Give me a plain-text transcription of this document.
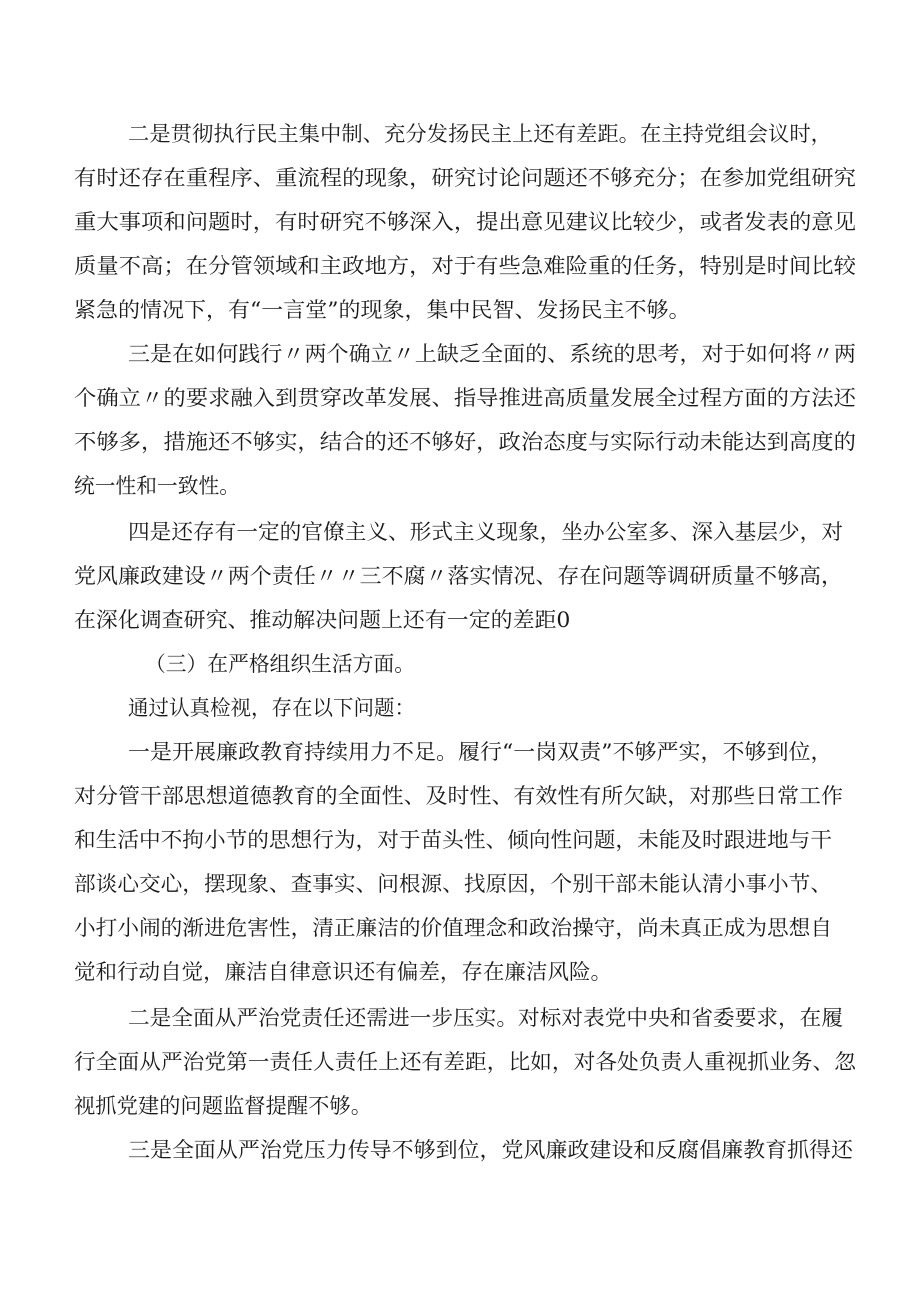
二是贯彻执行民主集中制、充分发扬民主上还有差距。在主持党组会议时，

有时还存在重程序、重流程的现象，研究讨论问题还不够充分；在参加党组研究

重大事项和问题时，有时研究不够深入，提出意见建议比较少，或者发表的意见

质量不高；在分管领域和主政地方，对于有些急难险重的任务，特别是时间比较

紧急的情况下，有“一言堂”的现象，集中民智、发扬民主不够。

三是在如何践行〃两个确立〃上缺乏全面的、系统的思考，对于如何将〃两

个确立〃的要求融入到贯穿改革发展、指导推进高质量发展全过程方面的方法还

不够多，措施还不够实，结合的还不够好，政治态度与实际行动未能达到高度的

统一性和一致性。

四是还存有一定的官僚主义、形式主义现象，坐办公室多、深入基层少，对

党风廉政建设〃两个责任〃〃三不腐〃落实情况、存在问题等调研质量不够高，

在深化调查研究、推动解决问题上还有一定的差距0

（三）在严格组织生活方面。

通过认真检视，存在以下问题：

一是开展廉政教育持续用力不足。履行“一岗双责”不够严实，不够到位，

对分管干部思想道德教育的全面性、及时性、有效性有所欠缺，对那些日常工作

和生活中不拘小节的思想行为，对于苗头性、倾向性问题，未能及时跟进地与干

部谈心交心，摆现象、查事实、问根源、找原因，个别干部未能认清小事小节、

小打小闹的渐进危害性，清正廉洁的价值理念和政治操守，尚未真正成为思想自

觉和行动自觉，廉洁自律意识还有偏差，存在廉洁风险。

二是全面从严治党责任还需进一步压实。对标对表党中央和省委要求，在履

行全面从严治党第一责任人责任上还有差距，比如，对各处负责人重视抓业务、忽

视抓党建的问题监督提醒不够。

三是全面从严治党压力传导不够到位，党风廉政建设和反腐倡廉教育抓得还
